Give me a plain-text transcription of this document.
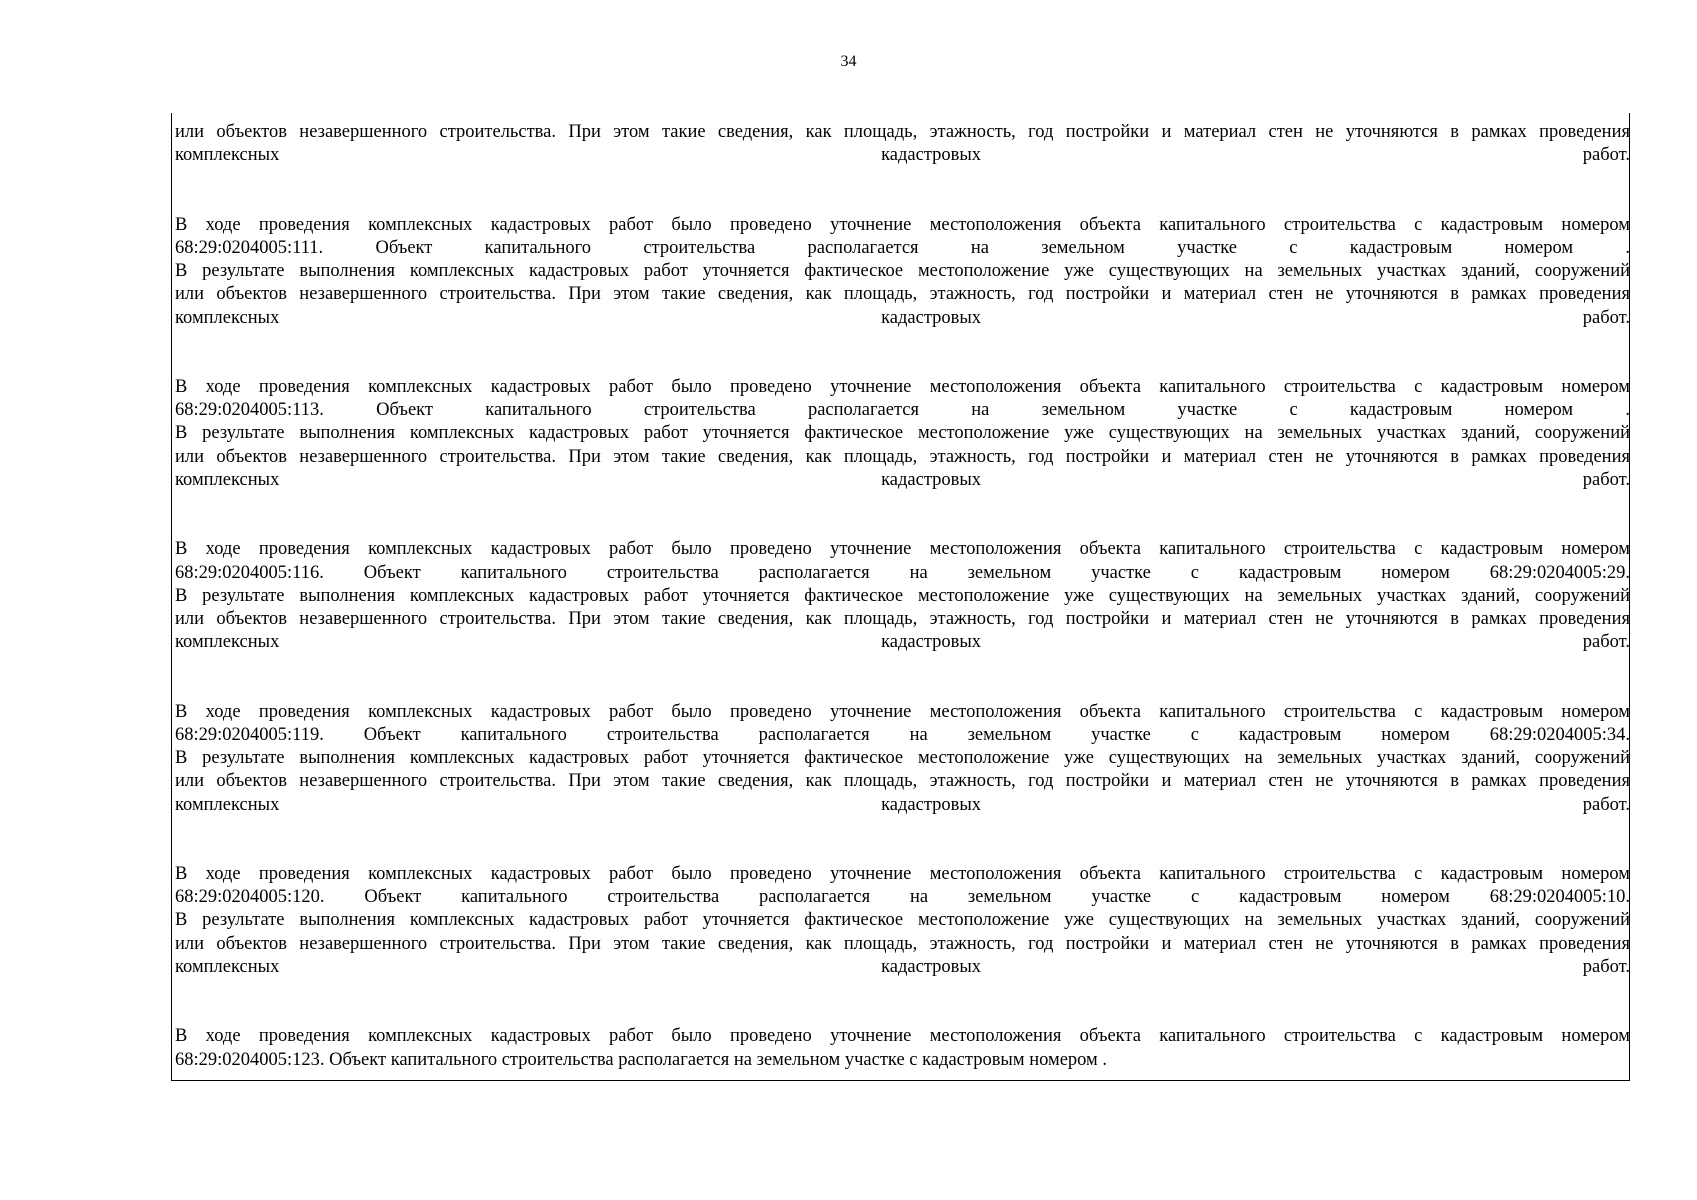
34
или объектов незавершенного строительства. При этом такие сведения, как площадь, этажность, год постройки и материал стен не уточняются в рамках проведения
комплексных кадастровых работ.
В ходе проведения комплексных кадастровых работ было проведено уточнение местоположения объекта капитального строительства с кадастровым номером
68:29:0204005:111. Объект капитального строительства располагается на земельном участке с кадастровым номером .
В результате выполнения комплексных кадастровых работ уточняется фактическое местоположение уже существующих на земельных участках зданий, сооружений
или объектов незавершенного строительства. При этом такие сведения, как площадь, этажность, год постройки и материал стен не уточняются в рамках проведения
комплексных кадастровых работ.
В ходе проведения комплексных кадастровых работ было проведено уточнение местоположения объекта капитального строительства с кадастровым номером
68:29:0204005:113. Объект капитального строительства располагается на земельном участке с кадастровым номером .
В результате выполнения комплексных кадастровых работ уточняется фактическое местоположение уже существующих на земельных участках зданий, сооружений
или объектов незавершенного строительства. При этом такие сведения, как площадь, этажность, год постройки и материал стен не уточняются в рамках проведения
комплексных кадастровых работ.
В ходе проведения комплексных кадастровых работ было проведено уточнение местоположения объекта капитального строительства с кадастровым номером
68:29:0204005:116. Объект капитального строительства располагается на земельном участке с кадастровым номером 68:29:0204005:29.
В результате выполнения комплексных кадастровых работ уточняется фактическое местоположение уже существующих на земельных участках зданий, сооружений
или объектов незавершенного строительства. При этом такие сведения, как площадь, этажность, год постройки и материал стен не уточняются в рамках проведения
комплексных кадастровых работ.
В ходе проведения комплексных кадастровых работ было проведено уточнение местоположения объекта капитального строительства с кадастровым номером
68:29:0204005:119. Объект капитального строительства располагается на земельном участке с кадастровым номером 68:29:0204005:34.
В результате выполнения комплексных кадастровых работ уточняется фактическое местоположение уже существующих на земельных участках зданий, сооружений
или объектов незавершенного строительства. При этом такие сведения, как площадь, этажность, год постройки и материал стен не уточняются в рамках проведения
комплексных кадастровых работ.
В ходе проведения комплексных кадастровых работ было проведено уточнение местоположения объекта капитального строительства с кадастровым номером
68:29:0204005:120. Объект капитального строительства располагается на земельном участке с кадастровым номером 68:29:0204005:10.
В результате выполнения комплексных кадастровых работ уточняется фактическое местоположение уже существующих на земельных участках зданий, сооружений
или объектов незавершенного строительства. При этом такие сведения, как площадь, этажность, год постройки и материал стен не уточняются в рамках проведения
комплексных кадастровых работ.
В ходе проведения комплексных кадастровых работ было проведено уточнение местоположения объекта капитального строительства с кадастровым номером
68:29:0204005:123. Объект капитального строительства располагается на земельном участке с кадастровым номером .
